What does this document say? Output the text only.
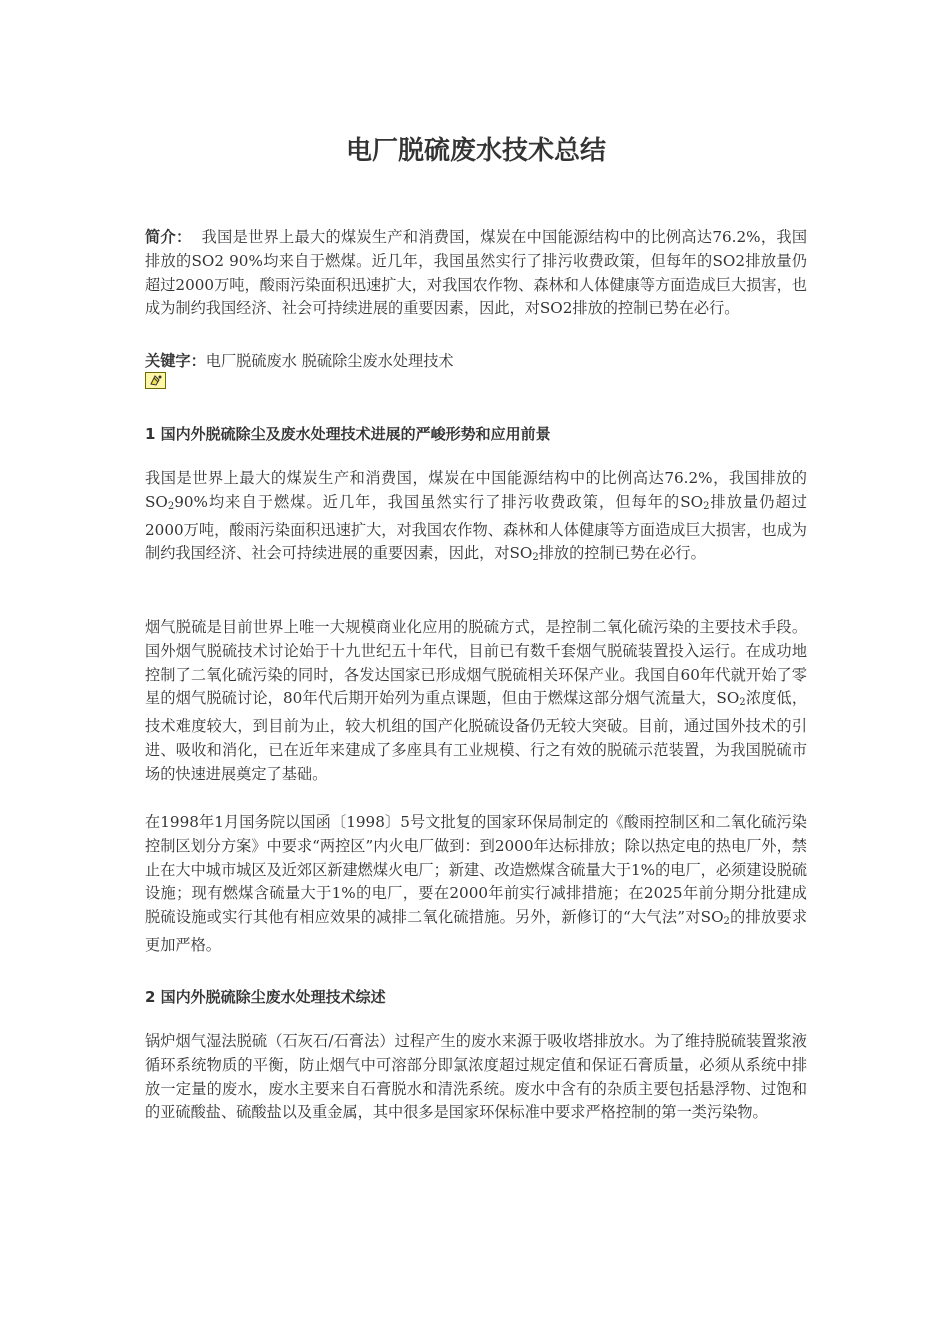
电厂脱硫废水技术总结
简介： 我国是世界上最大的煤炭生产和消费国，煤炭在中国能源结构中的比例高达76.2%，我国排放的SO2 90%均来自于燃煤。近几年，我国虽然实行了排污收费政策，但每年的SO2排放量仍超过2000万吨，酸雨污染面积迅速扩大，对我国农作物、森林和人体健康等方面造成巨大损害，也成为制约我国经济、社会可持续进展的重要因素，因此，对SO2排放的控制已势在必行。
关键字：电厂脱硫废水 脱硫除尘废水处理技术
1 国内外脱硫除尘及废水处理技术进展的严峻形势和应用前景
我国是世界上最大的煤炭生产和消费国，煤炭在中国能源结构中的比例高达76.2%，我国排放的$SO_290\%$均来自于燃煤。近几年，我国虽然实行了排污收费政策，但每年的$SO_2$排放量仍超过2000万吨，酸雨污染面积迅速扩大，对我国农作物、森林和人体健康等方面造成巨大损害，也成为制约我国经济、社会可持续进展的重要因素，因此，对$SO_2$排放的控制已势在必行。
烟气脱硫是目前世界上唯一大规模商业化应用的脱硫方式，是控制二氧化硫污染的主要技术手段。国外烟气脱硫技术讨论始于十九世纪五十年代，目前已有数千套烟气脱硫装置投入运行。在成功地控制了二氧化硫污染的同时，各发达国家已形成烟气脱硫相关环保产业。我国自60年代就开始了零星的烟气脱硫讨论，80年代后期开始列为重点课题，但由于燃煤这部分烟气流量大，$SO_2$浓度低，技术难度较大，到目前为止，较大机组的国产化脱硫设备仍无较大突破。目前，通过国外技术的引进、吸收和消化，已在近年来建成了多座具有工业规模、行之有效的脱硫示范装置，为我国脱硫市场的快速进展奠定了基础。
在1998年1月国务院以国函〔1998〕5号文批复的国家环保局制定的《酸雨控制区和二氧化硫污染控制区划分方案》中要求“两控区”内火电厂做到：到2000年达标排放；除以热定电的热电厂外，禁止在大中城市城区及近郊区新建燃煤火电厂；新建、改造燃煤含硫量大于1%的电厂，必须建设脱硫设施；现有燃煤含硫量大于1%的电厂，要在2000年前实行减排措施；在2025年前分期分批建成脱硫设施或实行其他有相应效果的减排二氧化硫措施。另外，新修订的“大气法”对$SO_2$的排放要求更加严格。
2 国内外脱硫除尘废水处理技术综述
锅炉烟气湿法脱硫（石灰石/石膏法）过程产生的废水来源于吸收塔排放水。为了维持脱硫装置浆液循环系统物质的平衡，防止烟气中可溶部分即氯浓度超过规定值和保证石膏质量，必须从系统中排放一定量的废水，废水主要来自石膏脱水和清洗系统。废水中含有的杂质主要包括悬浮物、过饱和的亚硫酸盐、硫酸盐以及重金属，其中很多是国家环保标准中要求严格控制的第一类污染物。
